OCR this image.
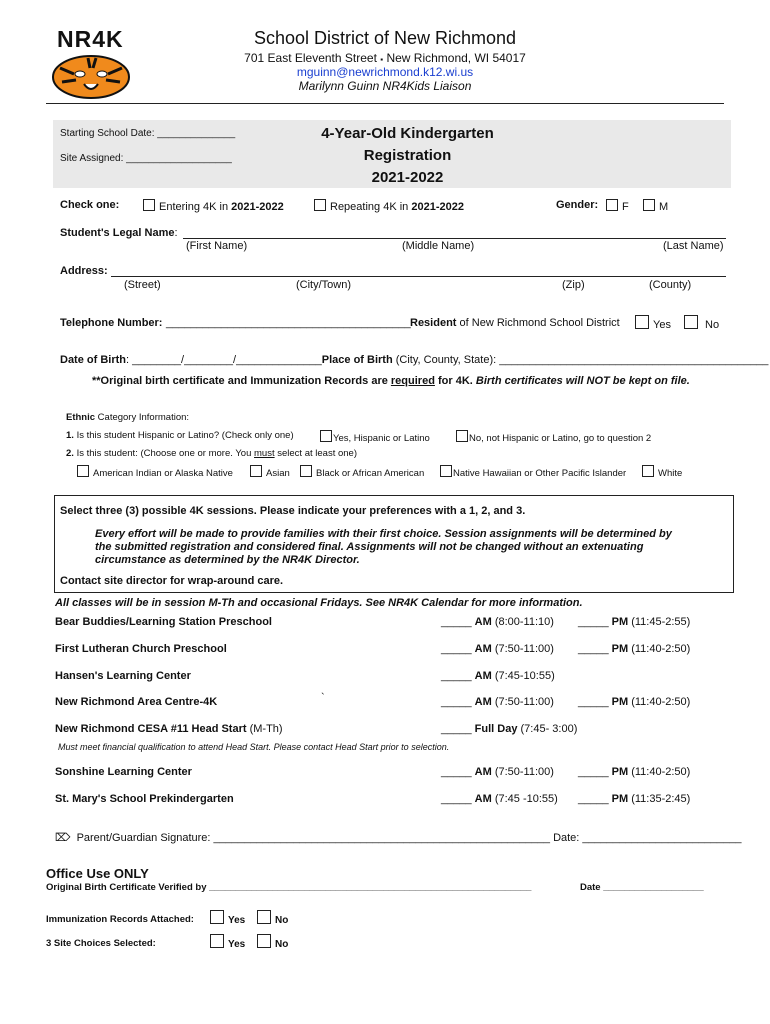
NR4K	School District of New Richmond
701 East Eleventh Street ▪ New Richmond, WI 54017
mguinn@newrichmond.k12.wi.us
Marilynn Guinn NR4Kids Liaison
Starting School Date: ______________
Site Assigned: ___________________
4-Year-Old Kindergarten
Registration
2021-2022
Check one:	Entering 4K in 2021-2022	Repeating 4K in 2021-2022	Gender:	F	M
Student's Legal Name:
(First Name)	(Middle Name)	(Last Name)
Address:
(Street)	(City/Town)	(Zip)	(County)
Telephone Number: ________________________________________ Resident of New Richmond School District	Yes	No
Date of Birth: ________/________/______________Place of Birth (City, County, State): ____________________________________________
**Original birth certificate and Immunization Records are required for 4K. Birth certificates will NOT be kept on file.
Ethnic Category Information:
1. Is this student Hispanic or Latino? (Check only one)	Yes, Hispanic or Latino	No, not Hispanic or Latino, go to question 2
2. Is this student: (Choose one or more. You must select at least one)
American Indian or Alaska Native	Asian	Black or African American	Native Hawaiian or Other Pacific Islander	White
Select three (3) possible 4K sessions. Please indicate your preferences with a 1, 2, and 3.
Every effort will be made to provide families with their first choice. Session assignments will be determined by
the submitted registration and considered final. Assignments will not be changed without an extenuating
circumstance as determined by the NR4K Director.
Contact site director for wrap-around care.
All classes will be in session M-Th and occasional Fridays. See NR4K Calendar for more information.
Bear Buddies/Learning Station Preschool	_____ AM (8:00-11:10) _____ PM (11:45-2:55)
First Lutheran Church Preschool	_____ AM (7:50-11:00) _____ PM (11:40-2:50)
Hansen's Learning Center	_____ AM (7:45-10:55)
New Richmond Area Centre-4K	`	_____ AM (7:50-11:00) _____ PM (11:40-2:50)
New Richmond CESA #11 Head Start (M-Th)	_____ Full Day (7:45- 3:00)
Must meet financial qualification to attend Head Start. Please contact Head Start prior to selection.
Sonshine Learning Center	_____ AM (7:50-11:00) _____ PM (11:40-2:50)
St. Mary's School Prekindergarten	_____ AM (7:45 -10:55) _____ PM (11:35-2:45)
⌦ Parent/Guardian Signature: _______________________________________________________ Date: __________________________
Office Use ONLY
Original Birth Certificate Verified by _____________________________________________________________	Date ___________________
Immunization Records Attached:	Yes	No
3 Site Choices Selected:	Yes	No
